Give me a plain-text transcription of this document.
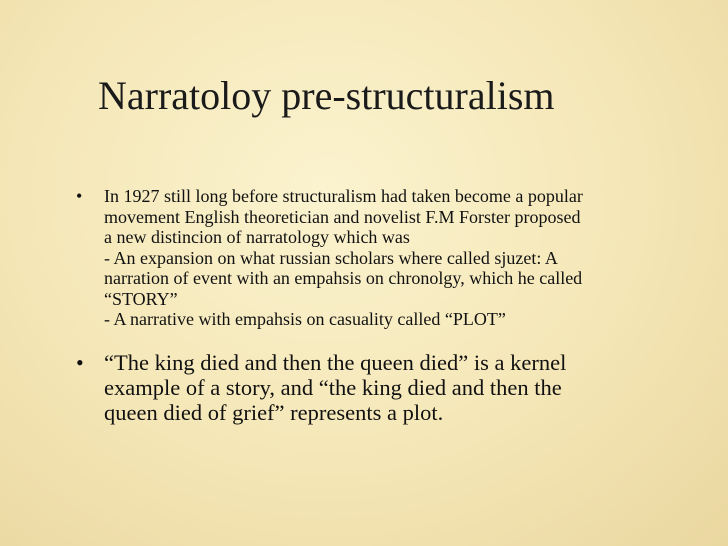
Narratoloy pre-structuralism
• In 1927 still long before structuralism had taken become a popular
movement English theoretician and novelist F.M Forster proposed
a new distincion of narratology which was
- An expansion on what russian scholars where called sjuzet: A
narration of event with an empahsis on chronolgy, which he called
“STORY”
- A narrative with empahsis on casuality called “PLOT”
• “The king died and then the queen died” is a kernel
example of a story, and “the king died and then the
queen died of grief” represents a plot.
